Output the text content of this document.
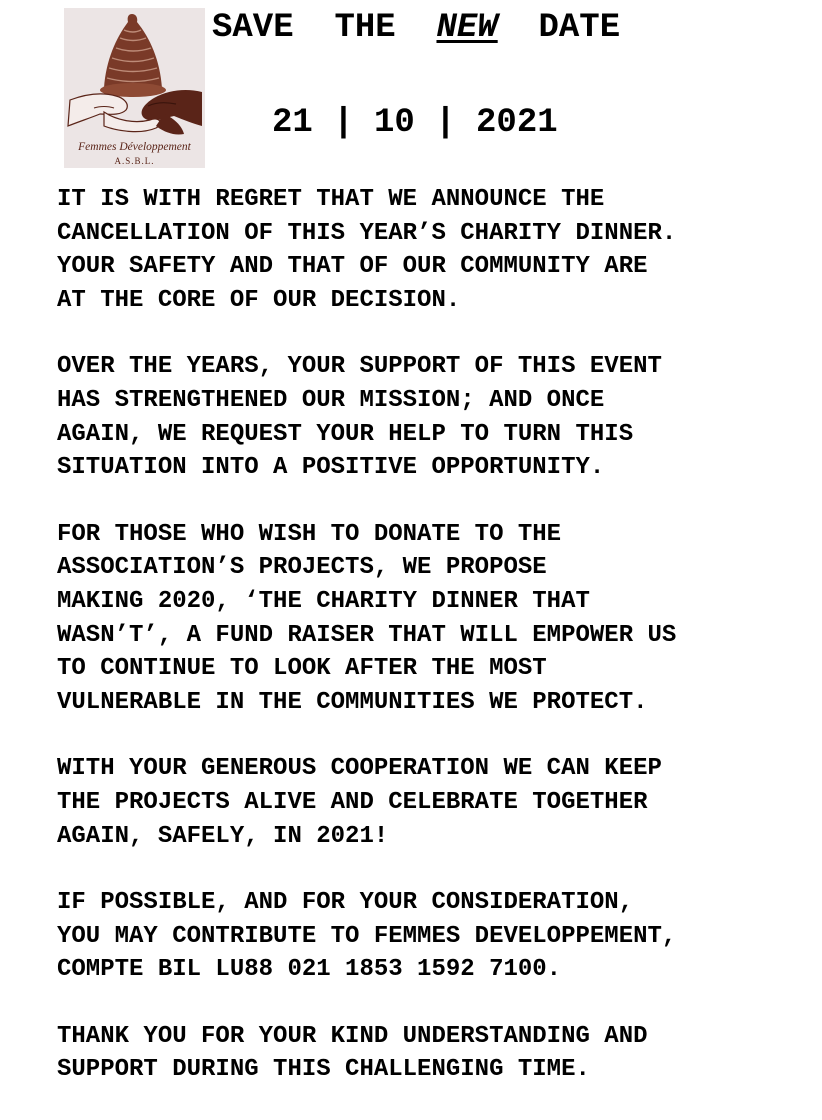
Femmes Développement
A.S.B.L.
SAVE THE NEW DATE
21 | 10 | 2021
IT IS WITH REGRET THAT WE ANNOUNCE THE
CANCELLATION OF THIS YEAR’S CHARITY DINNER.
YOUR SAFETY AND THAT OF OUR COMMUNITY ARE
AT THE CORE OF OUR DECISION.
OVER THE YEARS, YOUR SUPPORT OF THIS EVENT
HAS STRENGTHENED OUR MISSION; AND ONCE
AGAIN, WE REQUEST YOUR HELP TO TURN THIS
SITUATION INTO A POSITIVE OPPORTUNITY.
FOR THOSE WHO WISH TO DONATE TO THE
ASSOCIATION’S PROJECTS, WE PROPOSE
MAKING 2020, ‘THE CHARITY DINNER THAT
WASN’T’, A FUND RAISER THAT WILL EMPOWER US
TO CONTINUE TO LOOK AFTER THE MOST
VULNERABLE IN THE COMMUNITIES WE PROTECT.
WITH YOUR GENEROUS COOPERATION WE CAN KEEP
THE PROJECTS ALIVE AND CELEBRATE TOGETHER
AGAIN, SAFELY, IN 2021!
IF POSSIBLE, AND FOR YOUR CONSIDERATION,
YOU MAY CONTRIBUTE TO FEMMES DEVELOPPEMENT,
COMPTE BIL LU88 021 1853 1592 7100.
THANK YOU FOR YOUR KIND UNDERSTANDING AND
SUPPORT DURING THIS CHALLENGING TIME.
